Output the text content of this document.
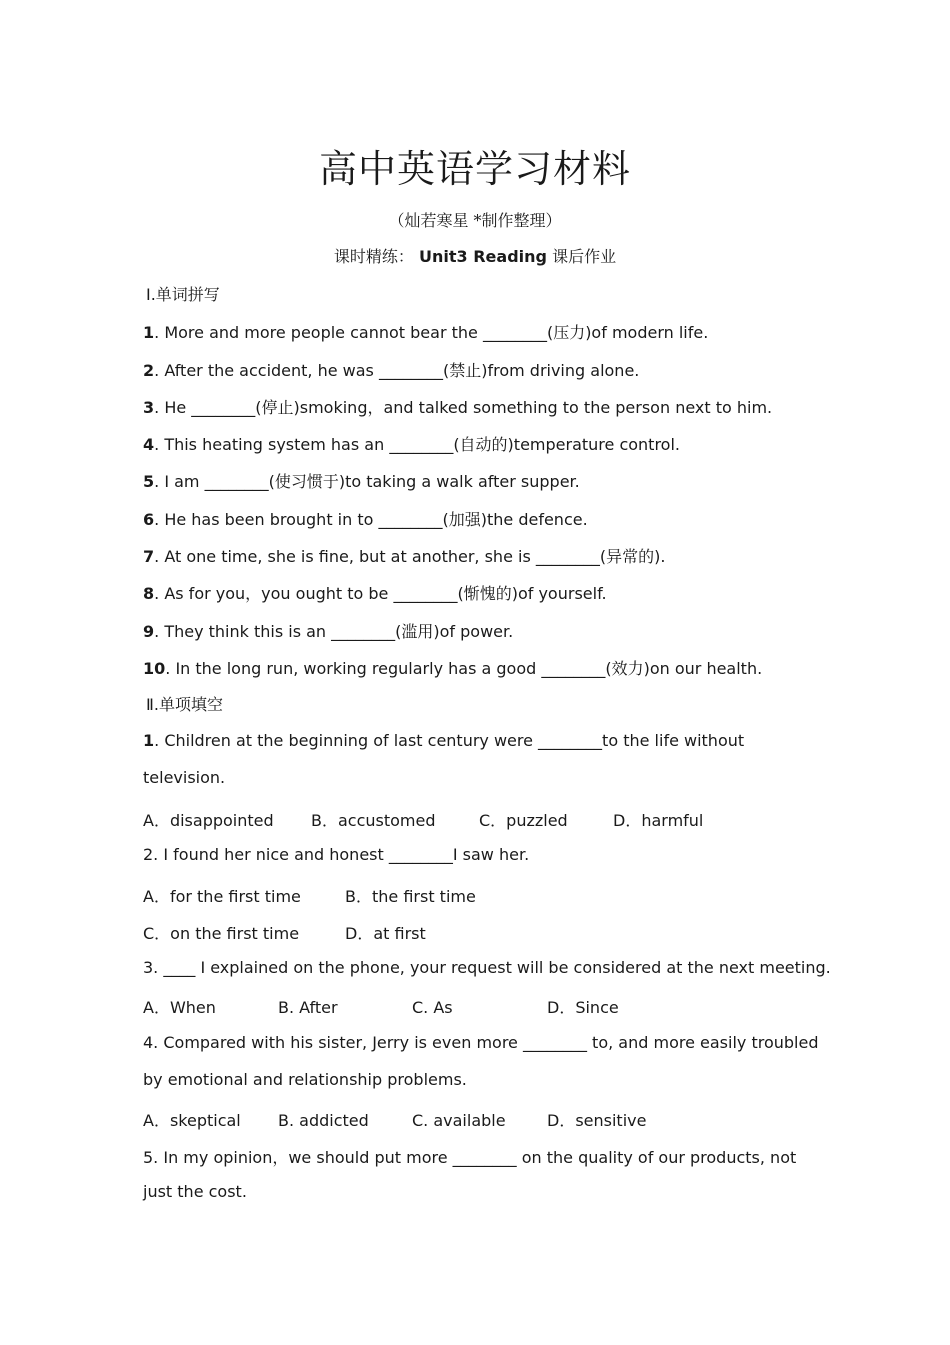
高中英语学习材料
（灿若寒星 *制作整理）
课时精练： Unit3 Reading 课后作业
Ⅰ.单词拼写
1. More and more people cannot bear the ________(压力)of modern life.
2. After the accident, he was ________(禁止)from driving alone.
3. He ________(停止)smoking，and talked something to the person next to him.
4. This heating system has an ________(自动的)temperature control.
5. I am ________(使习惯于)to taking a walk after supper.
6. He has been brought in to ________(加强)the defence.
7. At one time, she is fine, but at another, she is ________(异常的).
8. As for you，you ought to be ________(惭愧的)of yourself.
9. They think this is an ________(滥用)of power.
10. In the long run, working regularly has a good ________(效力)on our health.
Ⅱ.单项填空
1. Children at the beginning of last century were ________to the life without
television.
A．disappointed B．accustomed	C．puzzled	D．harmful
2. I found her nice and honest ________I saw her.
A．for the first time	B．the first time
C．on the first time	D．at first
3. ____ I explained on the phone, your request will be considered at the next meeting.
A．When	B. After	C. As	D．Since
4. Compared with his sister, Jerry is even more ________ to, and more easily troubled
by emotional and relationship problems.
A．skeptical B. addicted	C. available	D．sensitive
5. In my opinion，we should put more ________ on the quality of our products, not
just the cost.
